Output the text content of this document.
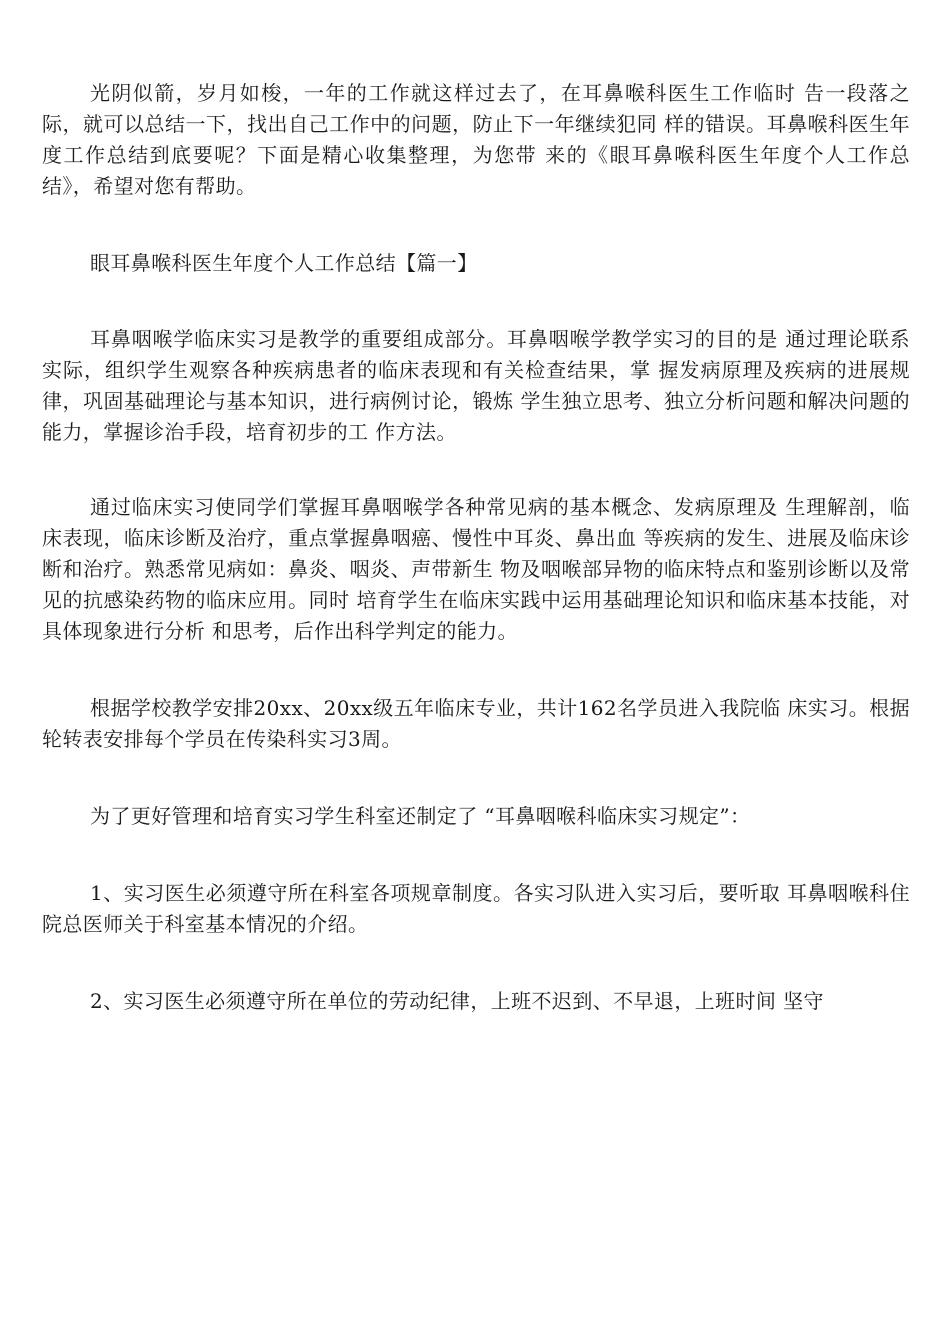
光阴似箭，岁月如梭，一年的工作就这样过去了，在耳鼻喉科医生工作临时 告一段落之际，就可以总结一下，找出自己工作中的问题，防止下一年继续犯同 样的错误。耳鼻喉科医生年度工作总结到底要呢？下面是精心收集整理，为您带 来的《眼耳鼻喉科医生年度个人工作总结》，希望对您有帮助。

眼耳鼻喉科医生年度个人工作总结【篇一】

耳鼻咽喉学临床实习是教学的重要组成部分。耳鼻咽喉学教学实习的目的是 通过理论联系实际，组织学生观察各种疾病患者的临床表现和有关检查结果，掌 握发病原理及疾病的进展规律，巩固基础理论与基本知识，进行病例讨论，锻炼 学生独立思考、独立分析问题和解决问题的能力，掌握诊治手段，培育初步的工 作方法。

通过临床实习使同学们掌握耳鼻咽喉学各种常见病的基本概念、发病原理及 生理解剖，临床表现，临床诊断及治疗，重点掌握鼻咽癌、慢性中耳炎、鼻出血 等疾病的发生、进展及临床诊断和治疗。熟悉常见病如：鼻炎、咽炎、声带新生 物及咽喉部异物的临床特点和鉴别诊断以及常见的抗感染药物的临床应用。同时 培育学生在临床实践中运用基础理论知识和临床基本技能，对具体现象进行分析 和思考，后作出科学判定的能力。

根据学校教学安排20xx、20xx级五年临床专业，共计162名学员进入我院临 床实习。根据轮转表安排每个学员在传染科实习3周。

为了更好管理和培育实习学生科室还制定了 “耳鼻咽喉科临床实习规定”：

1、实习医生必须遵守所在科室各项规章制度。各实习队进入实习后，要听取 耳鼻咽喉科住院总医师关于科室基本情况的介绍。

2、实习医生必须遵守所在单位的劳动纪律，上班不迟到、不早退，上班时间 坚守
